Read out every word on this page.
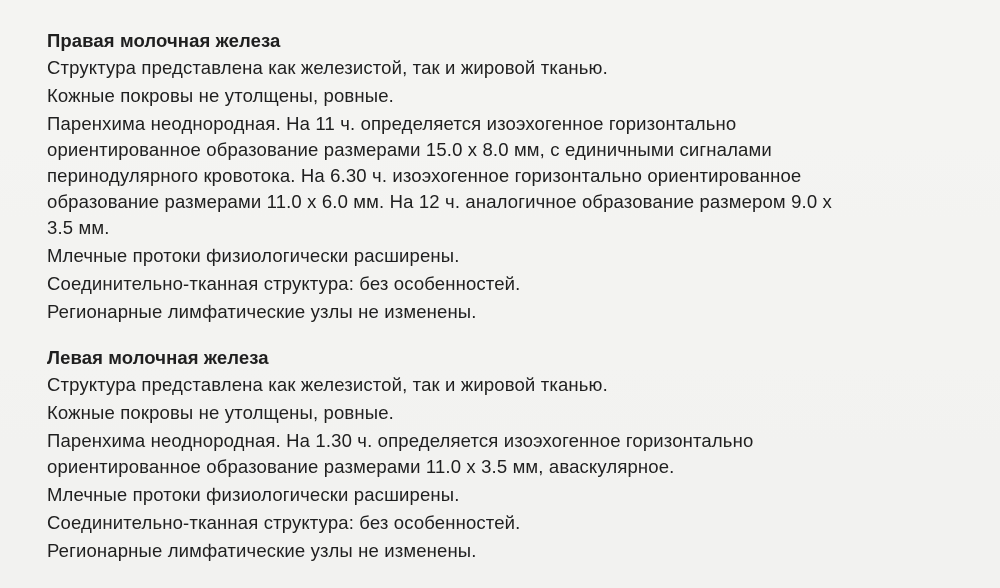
Правая молочная железа

Структура представлена как железистой, так и жировой тканью.

Кожные покровы не утолщены, ровные.

Паренхима неоднородная. На 11 ч. определяется изоэхогенное горизонтально

ориентированное образование размерами 15.0 х 8.0 мм, с единичными сигналами

перинодулярного кровотока. На 6.30 ч. изоэхогенное горизонтально ориентированное

образование размерами 11.0 х 6.0 мм. На 12 ч. аналогичное образование размером 9.0 х

3.5 мм.

Млечные протоки физиологически расширены.

Соединительно-тканная структура: без особенностей.

Регионарные лимфатические узлы не изменены.

Левая молочная железа

Структура представлена как железистой, так и жировой тканью.

Кожные покровы не утолщены, ровные.

Паренхима неоднородная. На 1.30 ч. определяется изоэхогенное горизонтально

ориентированное образование размерами 11.0 х 3.5 мм, аваскулярное.

Млечные протоки физиологически расширены.

Соединительно-тканная структура: без особенностей.

Регионарные лимфатические узлы не изменены.
